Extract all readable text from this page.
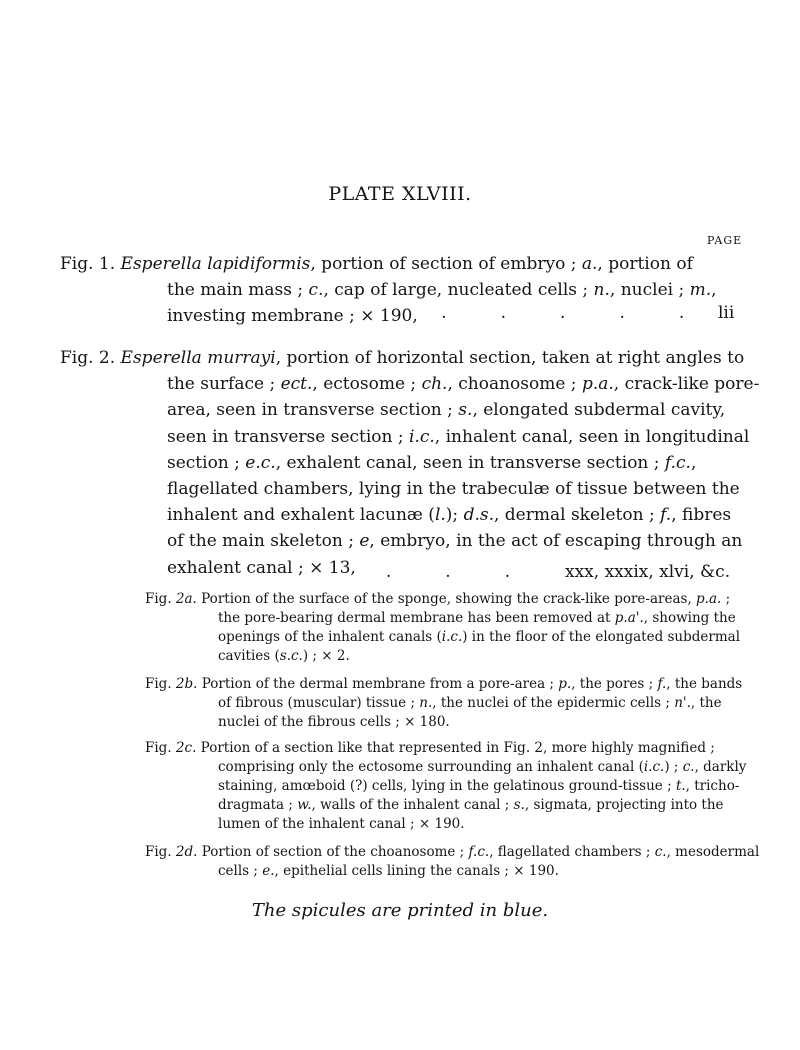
PLATE XLVIII.
PAGE
Fig. 1. Esperella lapidiformis, portion of section of embryo ; a., portion of
the main mass ; c., cap of large, nucleated cells ; n., nuclei ; m.,
investing membrane ; × 190,	.          .          .          .          . lii
Fig. 2. Esperella murrayi, portion of horizontal section, taken at right angles to
the surface ; ect., ectosome ; ch., choanosome ; p.a., crack-like pore-
area, seen in transverse section ; s., elongated subdermal cavity,
seen in transverse section ; i.c., inhalent canal, seen in longitudinal
section ; e.c., exhalent canal, seen in transverse section ; f.c.,
flagellated chambers, lying in the trabeculæ of tissue between the
inhalent and exhalent lacunæ (l.); d.s., dermal skeleton ; f., fibres
of the main skeleton ; e, embryo, in the act of escaping through an
exhalent canal ; × 13,	.          .          .	xxx, xxxix, xlvi, &c.
Fig. 2a. Portion of the surface of the sponge, showing the crack-like pore-areas, p.a. ;
the pore-bearing dermal membrane has been removed at p.a'., showing the
openings of the inhalent canals (i.c.) in the floor of the elongated subdermal
cavities (s.c.) ; × 2.
Fig. 2b. Portion of the dermal membrane from a pore-area ; p., the pores ; f., the bands
of fibrous (muscular) tissue ; n., the nuclei of the epidermic cells ; n'., the
nuclei of the fibrous cells ; × 180.
Fig. 2c. Portion of a section like that represented in Fig. 2, more highly magnified ;
comprising only the ectosome surrounding an inhalent canal (i.c.) ; c., darkly
staining, amœboid (?) cells, lying in the gelatinous ground-tissue ; t., tricho-
dragmata ; w., walls of the inhalent canal ; s., sigmata, projecting into the
lumen of the inhalent canal ; × 190.
Fig. 2d. Portion of section of the choanosome ; f.c., flagellated chambers ; c., mesodermal
cells ; e., epithelial cells lining the canals ; × 190.
The spicules are printed in blue.
